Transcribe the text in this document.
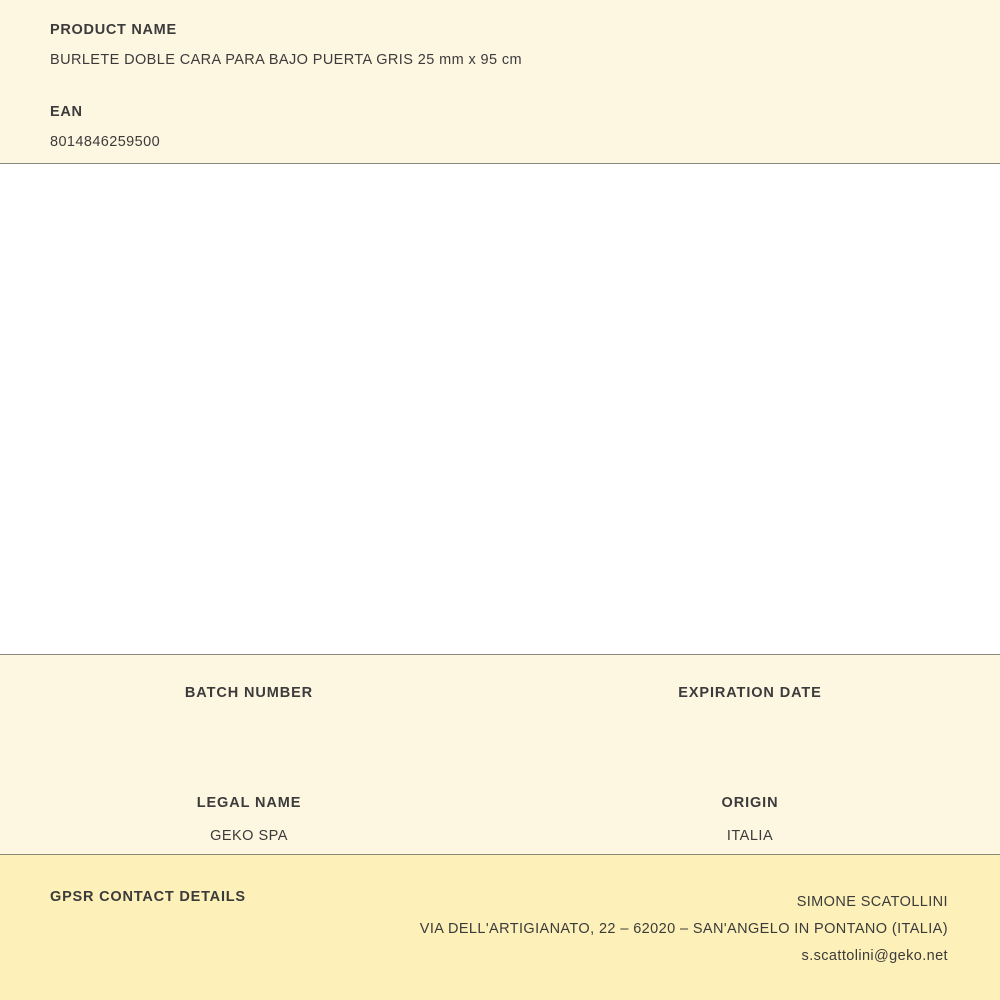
PRODUCT NAME

BURLETE DOBLE CARA PARA BAJO PUERTA GRIS 25 mm x 95 cm

EAN

8014846259500

BATCH NUMBER	EXPIRATION DATE

LEGAL NAME

GEKO SPA

ORIGIN

ITALIA

GPSR CONTACT DETAILS	SIMONE SCATOLLINI
VIA DELL'ARTIGIANATO, 22 – 62020 – SAN'ANGELO IN PONTANO (ITALIA)
s.scattolini@geko.net
